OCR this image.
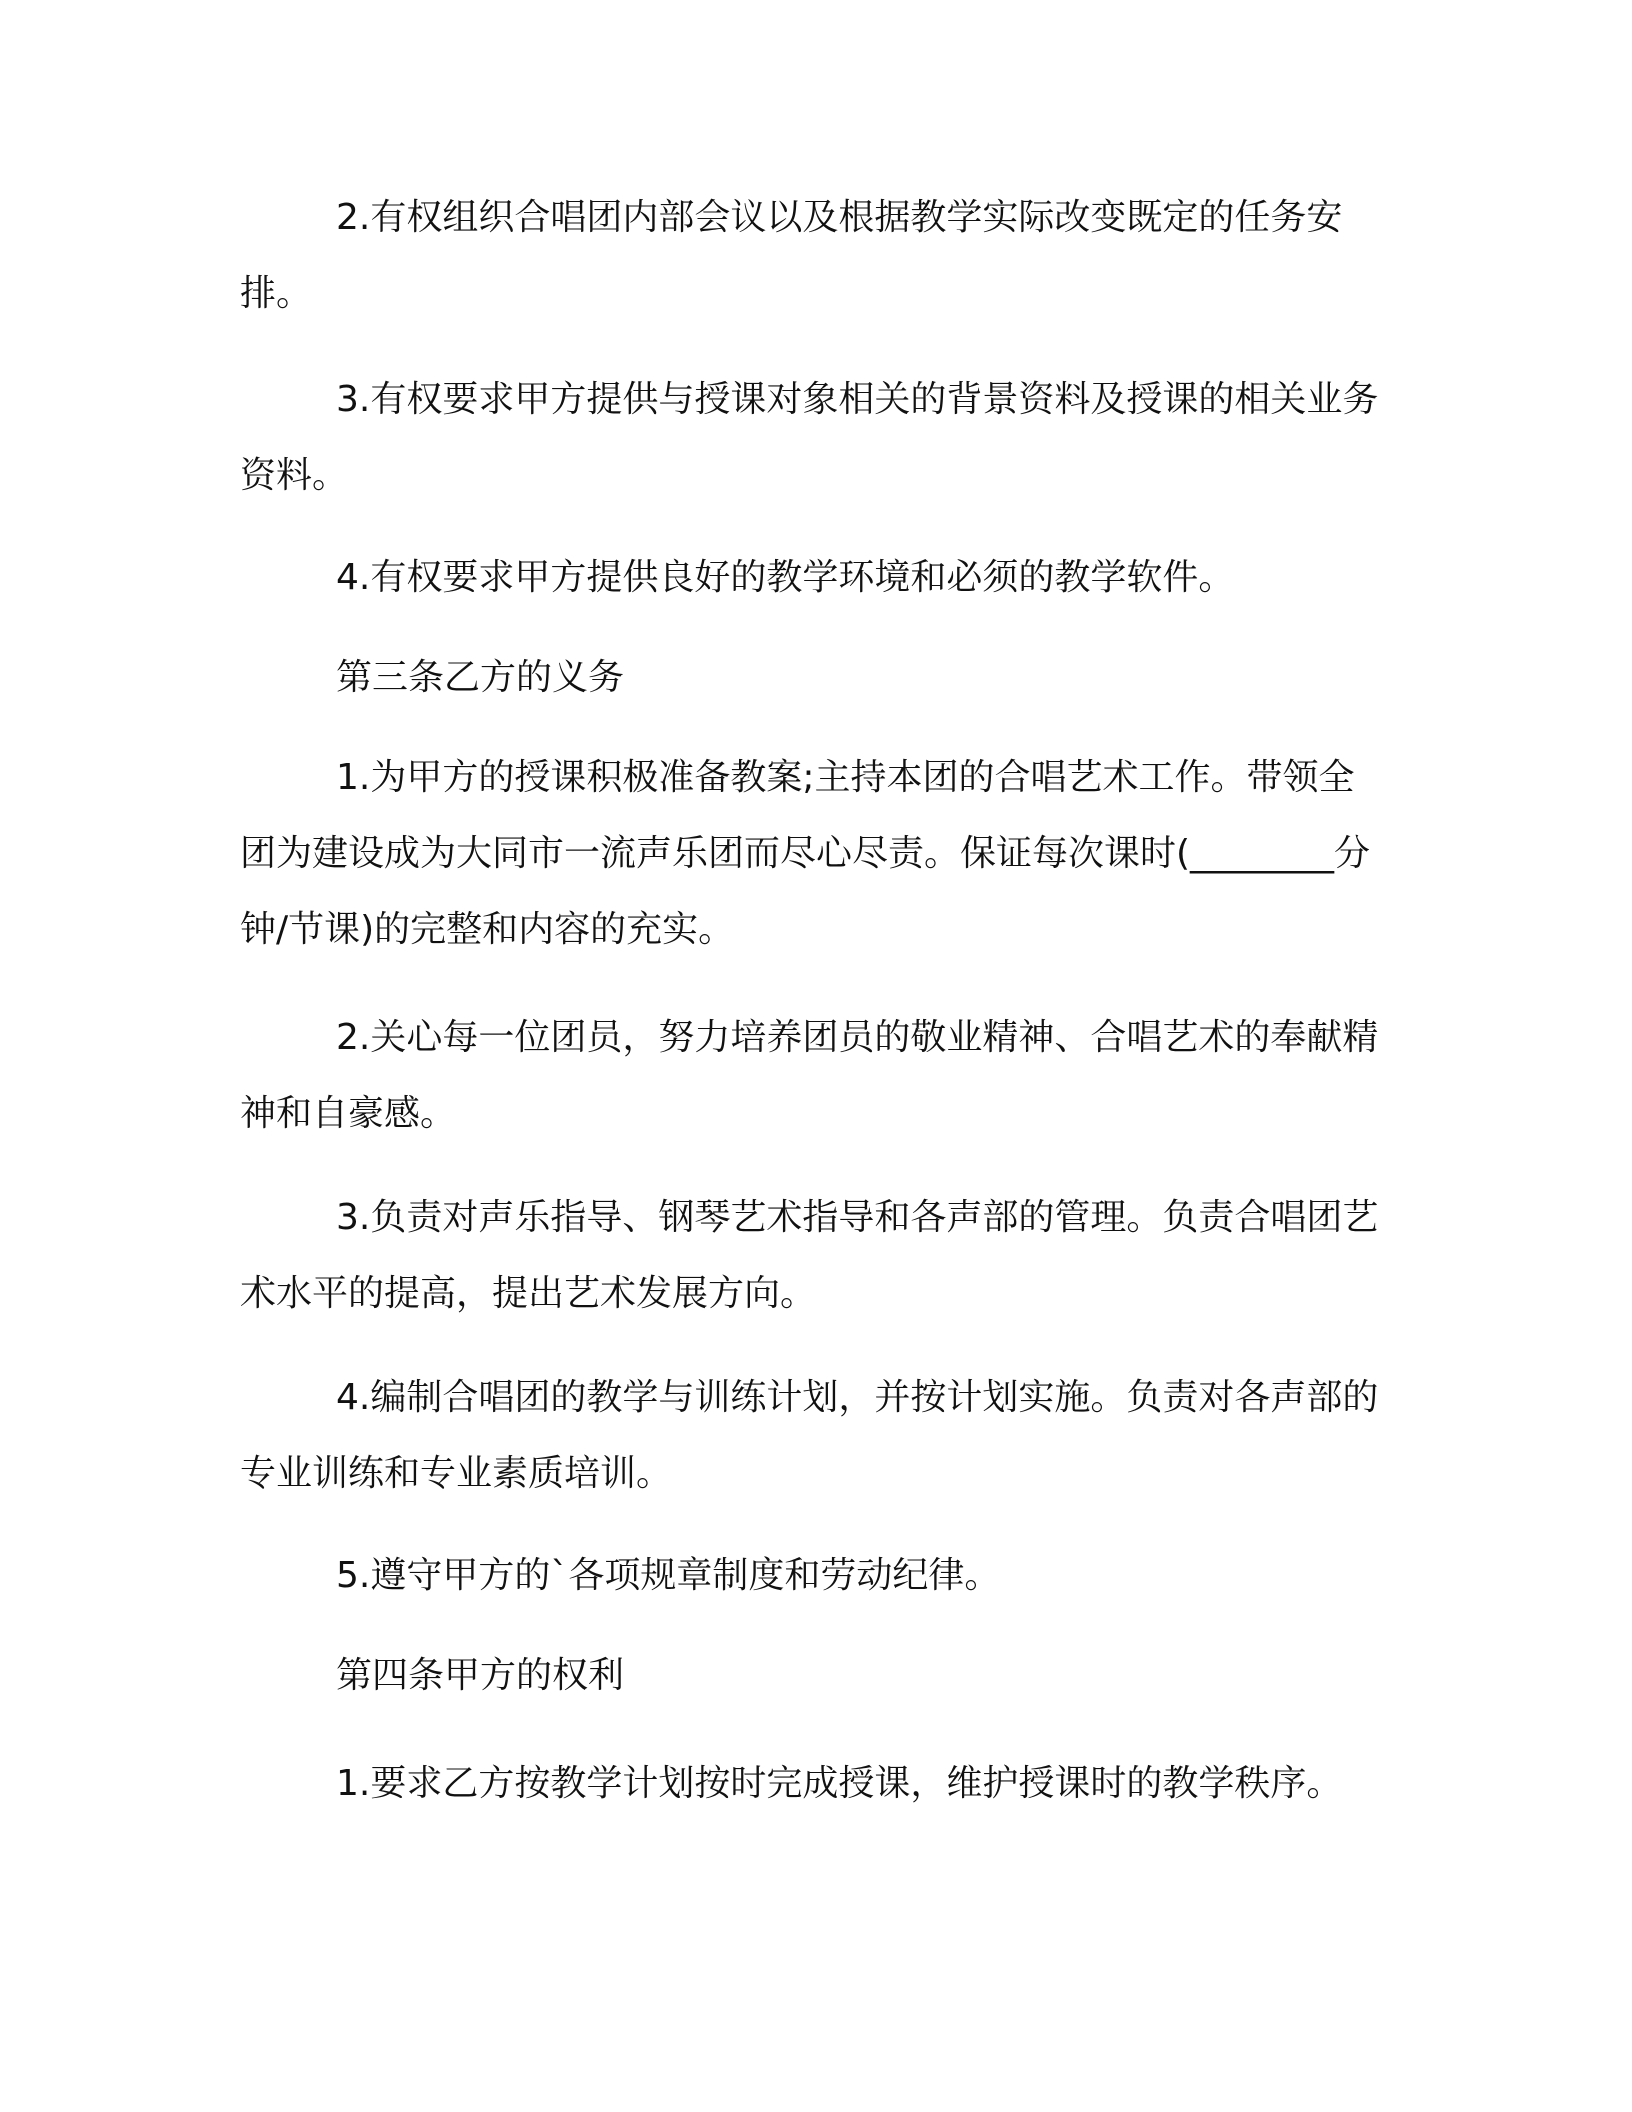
2.有权组织合唱团内部会议以及根据教学实际改变既定的任务安排。

3.有权要求甲方提供与授课对象相关的背景资料及授课的相关业务资料。

4.有权要求甲方提供良好的教学环境和必须的教学软件。

第三条乙方的义务

1.为甲方的授课积极准备教案;主持本团的合唱艺术工作。带领全团为建设成为大同市一流声乐团而尽心尽责。保证每次课时(________分钟/节课)的完整和内容的充实。

2.关心每一位团员，努力培养团员的敬业精神、合唱艺术的奉献精神和自豪感。

3.负责对声乐指导、钢琴艺术指导和各声部的管理。负责合唱团艺术水平的提高，提出艺术发展方向。

4.编制合唱团的教学与训练计划，并按计划实施。负责对各声部的专业训练和专业素质培训。

5.遵守甲方的`各项规章制度和劳动纪律。

第四条甲方的权利

1.要求乙方按教学计划按时完成授课，维护授课时的教学秩序。
